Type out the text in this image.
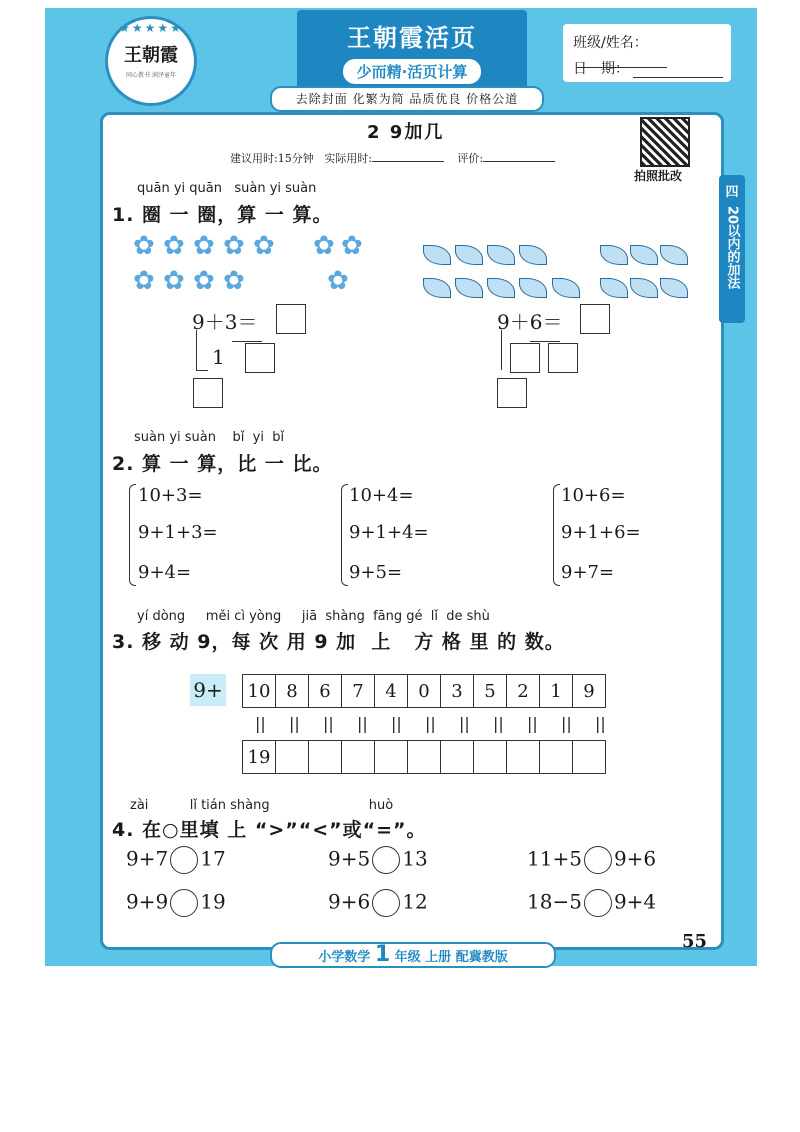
★★★★★
王朝霞
同心教书 润泽童年
王朝霞活页
少而精·活页计算
班级/姓名：
日　期：
去除封面 化繁为简 品质优良 价格公道
四
20以内的加法
2 9加几
建议用时:15分钟 实际用时:	评价:
拍照批改
quān yi quān   suàn yi suàn
1. 圈 一 圈，算 一 算。
✿ ✿ ✿ ✿ ✿ ✿ ✿
✿ ✿ ✿ ✿	✿
9＋3＝
1
9＋6＝
suàn yi suàn    bǐ  yi  bǐ
2. 算 一 算，比 一 比。
10+3=
9+1+3=
9+4=
10+4=
9+1+4=
9+5=
10+6=
9+1+6=
9+7=
yí dòng     měi cì yòng     jiā  shàng  fāng gé  lǐ  de shù
3. 移 动 9，每 次 用 9 加  上   方 格 里 的 数。
9+ 10	8	6	7	4	0	3	5	2	1	9
|| || || || || || || || || || ||
19										
zài          lǐ tián shàng                        huò
4. 在○里填 上 “>”“<”或“=”。
9+7 17	9+5 13	11+5 9+6
9+9 19	9+6 12	18−5 9+4
55
小学数学 1 年级 上册 配冀教版
